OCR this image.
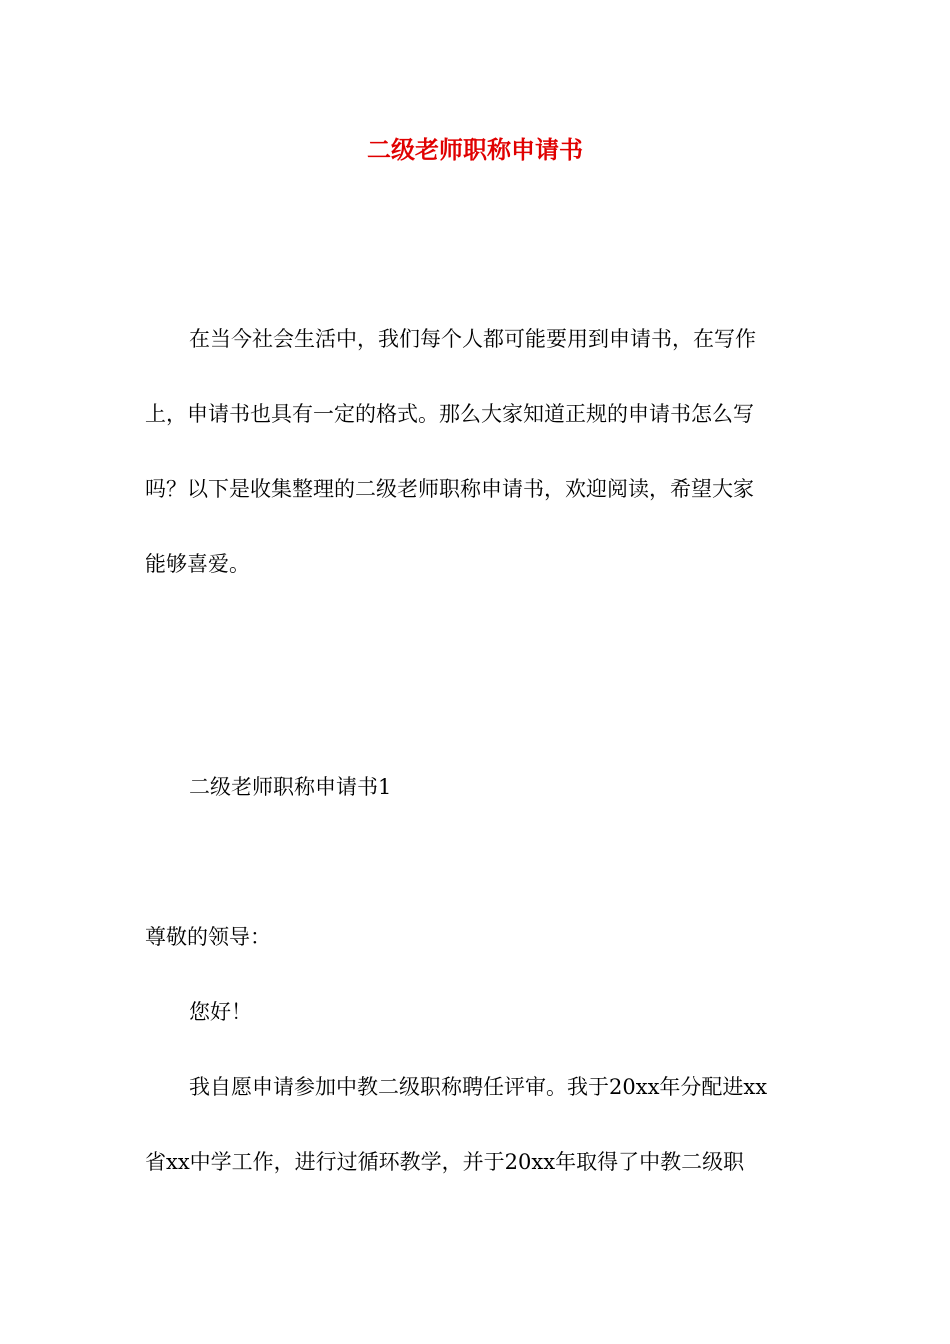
二级老师职称申请书
在当今社会生活中，我们每个人都可能要用到申请书，在写作
上，申请书也具有一定的格式。那么大家知道正规的申请书怎么写
吗？以下是收集整理的二级老师职称申请书，欢迎阅读，希望大家
能够喜爱。
二级老师职称申请书1
尊敬的领导：
您好！
我自愿申请参加中教二级职称聘任评审。我于20xx年分配进xx
省xx中学工作，进行过循环教学，并于20xx年取得了中教二级职
